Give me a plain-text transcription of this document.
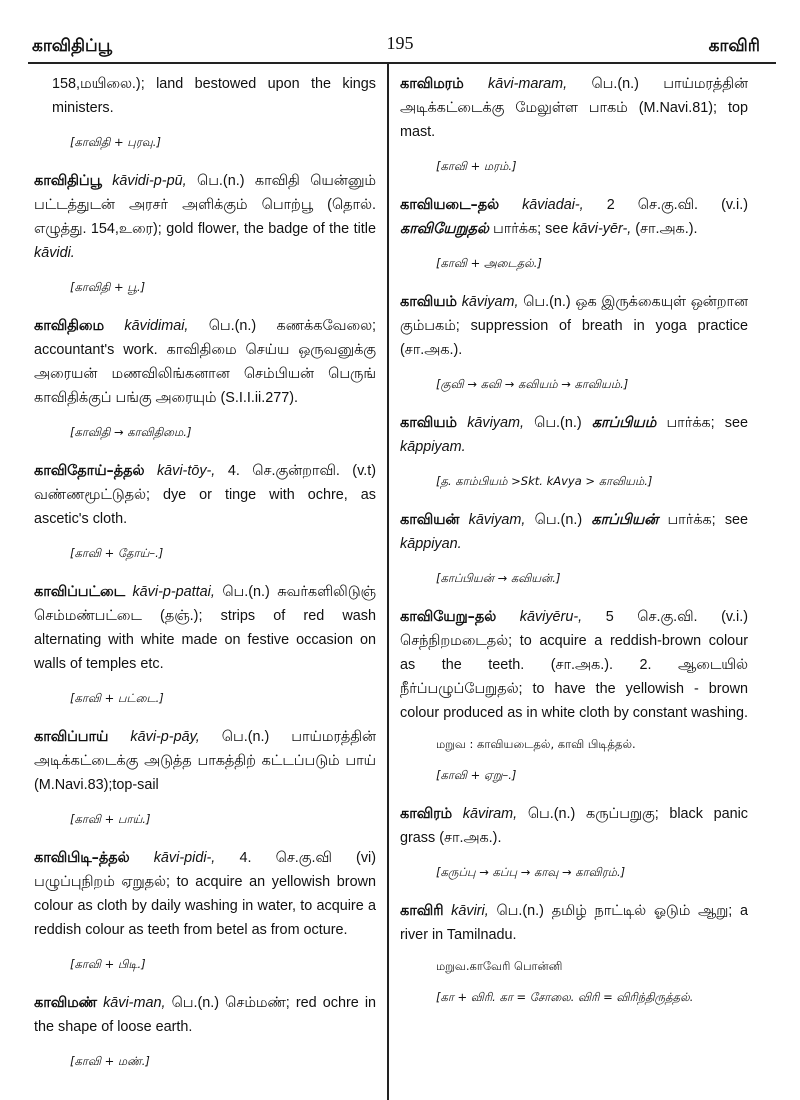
காவிதிப்பூ	195	காவிரி

158,மயிலை.); land bestowed upon the kings ministers.

[காவிதி + புரவு.]

காவிதிப்பூ kāvidi-p-pū, பெ.(n.) காவிதி யென்னும் பட்டத்துடன் அரசர் அளிக்கும் பொற்பூ (தொல். எழுத்து. 154,உரை); gold flower, the badge of the title kāvidi.

[காவிதி + பூ.]

காவிதிமை kāvidimai, பெ.(n.) கணக்கவேலை; accountant's work. காவிதிமை செய்ய ஒருவனுக்கு அரையன் மணவிலிங்கனான செம்பியன் பெருங் காவிதிக்குப் பங்கு அரையும் (S.I.I.ii.277).

[காவிதி → காவிதிமை.]

காவிதோய்–த்தல் kāvi-tōy-, 4. செ.குன்றாவி. (v.t) வண்ணமூட்டுதல்; dye or tinge with ochre, as ascetic's cloth.

[காவி + தோய்–.]

காவிப்பட்டை kāvi-p-pattai, பெ.(n.) சுவர்களிலிடுஞ் செம்மண்பட்டை (தஞ்.); strips of red wash alternating with white made on festive occasion on walls of temples etc.

[காவி + பட்டை.]

காவிப்பாய் kāvi-p-pāy, பெ.(n.) பாய்மரத்தின் அடிக்கட்டைக்கு அடுத்த பாகத்திற் கட்டப்படும் பாய் (M.Navi.83);top-sail

[காவி + பாய்.]

காவிபிடி–த்தல் kāvi-pidi-, 4. செ.கு.வி (vi) பழுப்புநிறம் ஏறுதல்; to acquire an yellowish brown colour as cloth by daily washing in water, to acquire a reddish colour as teeth from betel as from octure.

[காவி + பிடி.]

காவிமண் kāvi-man, பெ.(n.) செம்மண்; red ochre in the shape of loose earth.

[காவி + மண்.]

காவிமரம் kāvi-maram, பெ.(n.) பாய்மரத்தின் அடிக்கட்டைக்கு மேலுள்ள பாகம் (M.Navi.81); top mast.

[காவி + மரம்.]

காவியடை–தல் kāviadai-, 2 செ.கு.வி. (v.i.) காவியேறுதல் பார்க்க; see kāvi-yēr-, (சா.அக.).

[காவி + அடைதல்.]

காவியம் kāviyam, பெ.(n.) ஒக இருக்கையுள் ஒன்றான கும்பகம்; suppression of breath in yoga practice (சா.அக.).

[குவி → கவி → கவியம் → காவியம்.]

காவியம் kāviyam, பெ.(n.) காப்பியம் பார்க்க; see kāppiyam.

[த. காம்பியம் >Skt. kAvya > காவியம்.]

காவியன் kāviyam, பெ.(n.) காப்பியன் பார்க்க; see kāppiyan.

[காப்பியன் → கவியன்.]

காவியேறு–தல் kāviyēru-, 5 செ.கு.வி. (v.i.) செந்நிறமடைதல்; to acquire a reddish-brown colour as the teeth. (சா.அக.). 2. ஆடையில் நீர்ப்பழுப்பேறுதல்; to have the yellowish - brown colour produced as in white cloth by constant washing.

மறுவ : காவியடைதல், காவி பிடித்தல்.

[காவி + ஏறு–.]

காவிரம் kāviram, பெ.(n.) கருப்பறுகு; black panic grass (சா.அக.).

[கருப்பு → கப்பு → காவு → காவிரம்.]

காவிரி kāviri, பெ.(n.) தமிழ் நாட்டில் ஓடும் ஆறு; a river in Tamilnadu.

மறுவ.காவேரி பொன்னி

[கா + விரி. கா = சோலை. விரி = விரிந்திருத்தல்.
